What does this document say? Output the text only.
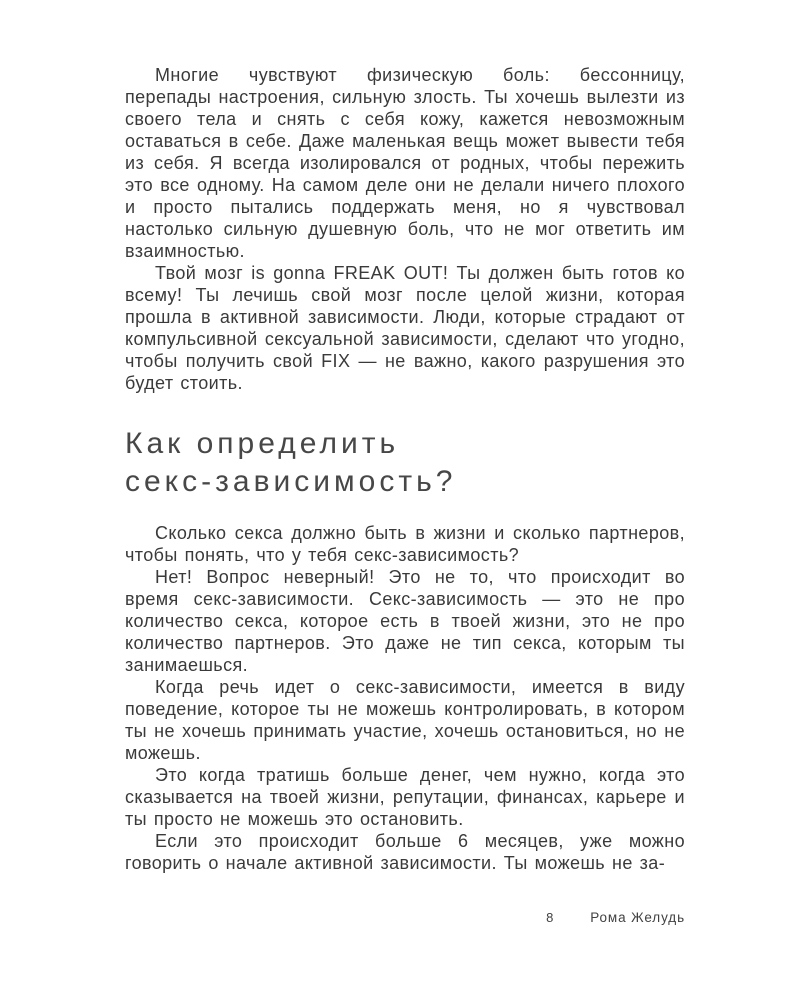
Многие чувствуют физическую боль: бессонницу, перепады настроения, сильную злость. Ты хочешь вылезти из своего тела и снять с себя кожу, кажется невозможным оставаться в себе. Даже маленькая вещь может вывести тебя из себя. Я всегда изолировался от родных, чтобы пережить это все одному. На самом деле они не делали ничего плохого и просто пытались поддержать меня, но я чувствовал настолько сильную душевную боль, что не мог ответить им взаимностью.

Твой мозг is gonna FREAK OUT! Ты должен быть готов ко всему! Ты лечишь свой мозг после целой жизни, которая прошла в активной зависимости. Люди, которые страдают от компульсивной сексуальной зависимости, сделают что угодно, чтобы получить свой FIX — не важно, какого разрушения это будет стоить.

Как определить
секс-зависимость?

Сколько секса должно быть в жизни и сколько партнеров, чтобы понять, что у тебя секс-зависимость?

Нет! Вопрос неверный! Это не то, что происходит во время секс-зависимости. Секс-зависимость — это не про количество секса, которое есть в твоей жизни, это не про количество партнеров. Это даже не тип секса, которым ты занимаешься.

Когда речь идет о секс-зависимости, имеется в виду поведение, которое ты не можешь контролировать, в котором ты не хочешь принимать участие, хочешь остановиться, но не можешь.

Это когда тратишь больше денег, чем нужно, когда это сказывается на твоей жизни, репутации, финансах, карьере и ты просто не можешь это остановить.

Если это происходит больше 6 месяцев, уже можно говорить о начале активной зависимости. Ты можешь не за-

8	Рома Желудь
